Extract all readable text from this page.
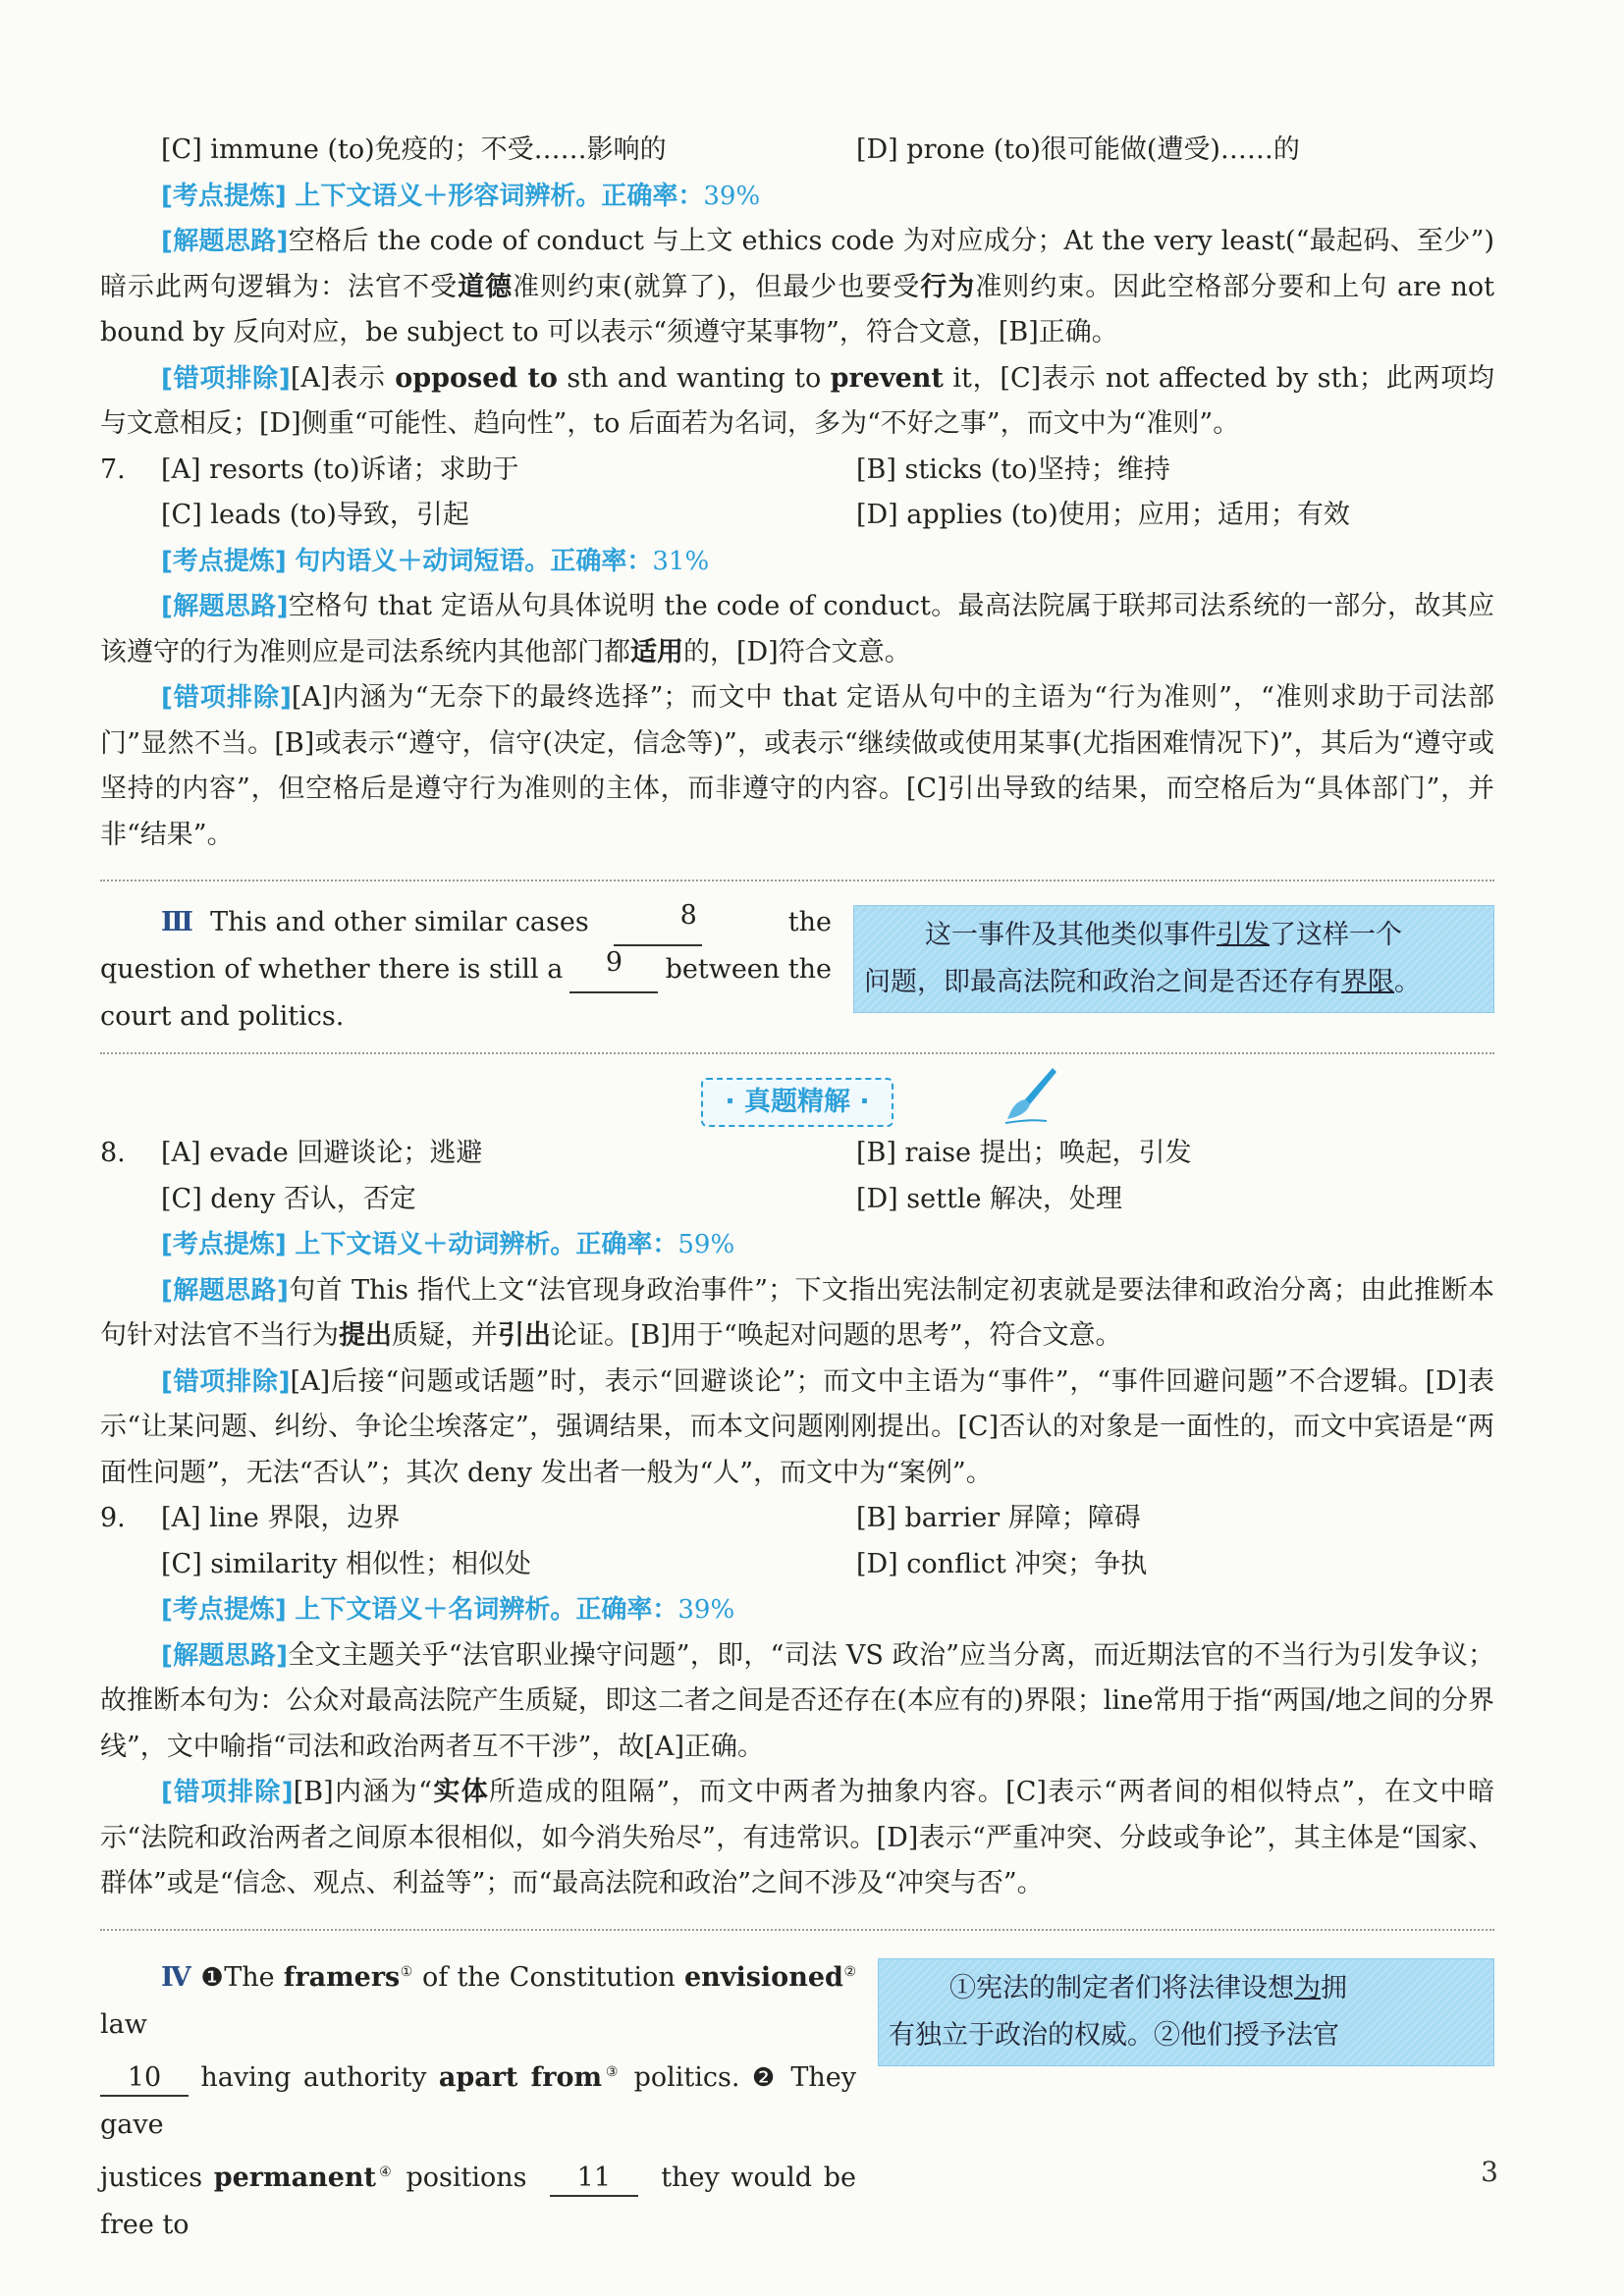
[C] immune (to)免疫的；不受……影响的	[D] prone (to)很可能做(遭受)……的
[考点提炼] 上下文语义＋形容词辨析。正确率：39%

[解题思路]空格后 the code of conduct 与上文 ethics code 为对应成分；At the very least(“最起码、至少”)暗示此两句逻辑为：法官不受道德准则约束(就算了)，但最少也要受行为准则约束。因此空格部分要和上句 are not bound by 反向对应，be subject to 可以表示“须遵守某事物”，符合文意，[B]正确。

[错项排除][A]表示 opposed to sth and wanting to prevent it，[C]表示 not affected by sth；此两项均与文意相反；[D]侧重“可能性、趋向性”，to 后面若为名词，多为“不好之事”，而文中为“准则”。

7. [A] resorts (to)诉诸；求助于	[B] sticks (to)坚持；维持
[C] leads (to)导致，引起	[D] applies (to)使用；应用；适用；有效
[考点提炼] 句内语义＋动词短语。正确率：31%

[解题思路]空格句 that 定语从句具体说明 the code of conduct。最高法院属于联邦司法系统的一部分，故其应该遵守的行为准则应是司法系统内其他部门都适用的，[D]符合文意。

[错项排除][A]内涵为“无奈下的最终选择”；而文中 that 定语从句中的主语为“行为准则”，“准则求助于司法部门”显然不当。[B]或表示“遵守，信守(决定，信念等)”，或表示“继续做或使用某事(尤指困难情况下)”，其后为“遵守或坚持的内容”，但空格后是遵守行为准则的主体，而非遵守的内容。[C]引出导致的结果，而空格后为“具体部门”，并非“结果”。

Ⅲ This and other similar cases	8	the
question of whether there is still a	9	between the
court and politics.
这一事件及其他类似事件引发了这样一个
问题，即最高法院和政治之间是否还存有界限。
· 真题精解 ·
8. [A] evade 回避谈论；逃避	[B] raise 提出；唤起，引发
[C] deny 否认，否定	[D] settle 解决，处理
[考点提炼] 上下文语义＋动词辨析。正确率：59%

[解题思路]句首 This 指代上文“法官现身政治事件”；下文指出宪法制定初衷就是要法律和政治分离；由此推断本句针对法官不当行为提出质疑，并引出论证。[B]用于“唤起对问题的思考”，符合文意。

[错项排除][A]后接“问题或话题”时，表示“回避谈论”；而文中主语为“事件”，“事件回避问题”不合逻辑。[D]表示“让某问题、纠纷、争论尘埃落定”，强调结果，而本文问题刚刚提出。[C]否认的对象是一面性的，而文中宾语是“两面性问题”，无法“否认”；其次 deny 发出者一般为“人”，而文中为“案例”。

9. [A] line 界限，边界	[B] barrier 屏障；障碍
[C] similarity 相似性；相似处	[D] conflict 冲突；争执
[考点提炼] 上下文语义＋名词辨析。正确率：39%

[解题思路]全文主题关乎“法官职业操守问题”，即，“司法 VS 政治”应当分离，而近期法官的不当行为引发争议；故推断本句为：公众对最高法院产生质疑，即这二者之间是否还存在(本应有的)界限；line常用于指“两国/地之间的分界线”，文中喻指“司法和政治两者互不干涉”，故[A]正确。

[错项排除][B]内涵为“实体所造成的阻隔”，而文中两者为抽象内容。[C]表示“两者间的相似特点”，在文中暗示“法院和政治两者之间原本很相似，如今消失殆尽”，有违常识。[D]表示“严重冲突、分歧或争论”，其主体是“国家、群体”或是“信念、观点、利益等”；而“最高法院和政治”之间不涉及“冲突与否”。

Ⅳ ❶The framers① of the Constitution envisioned② law
10 having authority apart from③ politics. ❷ They gave
justices permanent④ positions 11 they would be free to
①宪法的制定者们将法律设想为拥
有独立于政治的权威。②他们授予法官
3
